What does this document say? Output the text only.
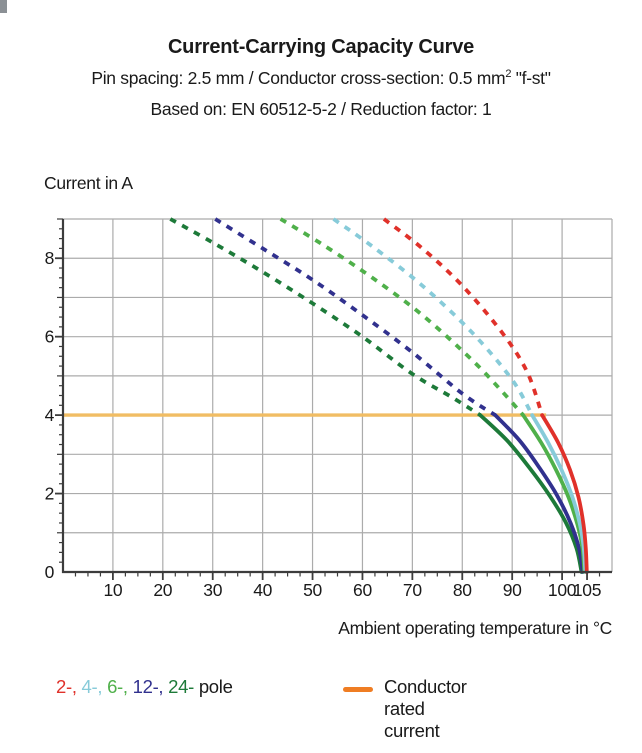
Current-Carrying Capacity Curve
Pin spacing: 2.5 mm / Conductor cross-section: 0.5 $mm^2$ "f-st"
Based on: EN 60512-5-2 / Reduction factor: 1
Current in A
10 20 30 40 50 60 70 80 90 100
105
0
2
4
6
8
Ambient operating temperature in °C
2-, 4-, 6-, 12-, 24- pole	Conductor rated current
